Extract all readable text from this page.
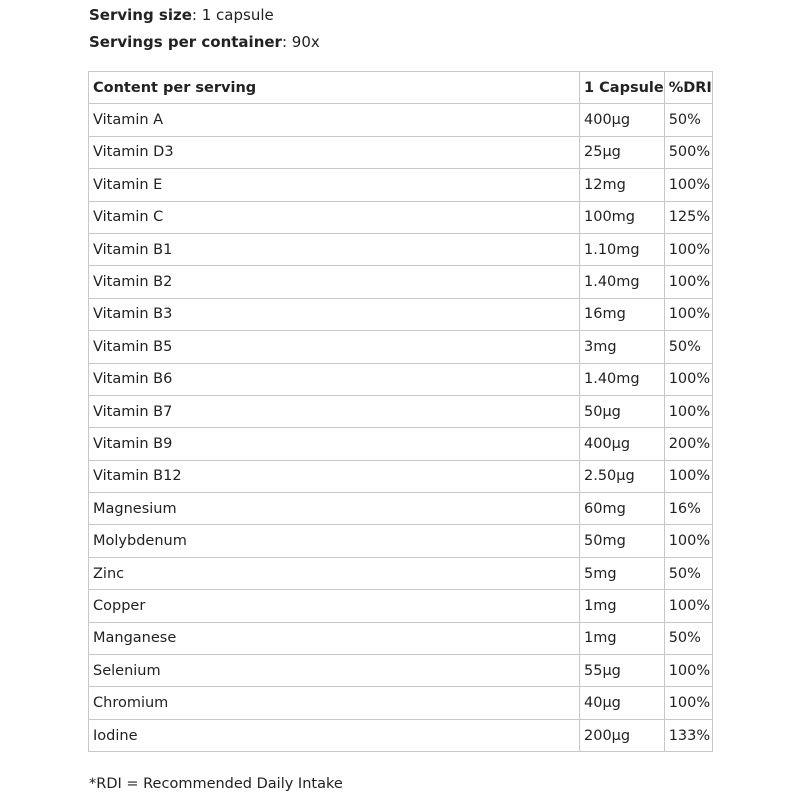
Serving size: 1 capsule
Servings per container: 90x
Content per serving	1 Capsule	%DRI
Vitamin A	400µg	50%
Vitamin D3	25µg	500%
Vitamin E	12mg	100%
Vitamin C	100mg	125%
Vitamin B1	1.10mg	100%
Vitamin B2	1.40mg	100%
Vitamin B3	16mg	100%
Vitamin B5	3mg	50%
Vitamin B6	1.40mg	100%
Vitamin B7	50µg	100%
Vitamin B9	400µg	200%
Vitamin B12	2.50µg	100%
Magnesium	60mg	16%
Molybdenum	50mg	100%
Zinc	5mg	50%
Copper	1mg	100%
Manganese	1mg	50%
Selenium	55µg	100%
Chromium	40µg	100%
Iodine	200µg	133%
*RDI = Recommended Daily Intake
